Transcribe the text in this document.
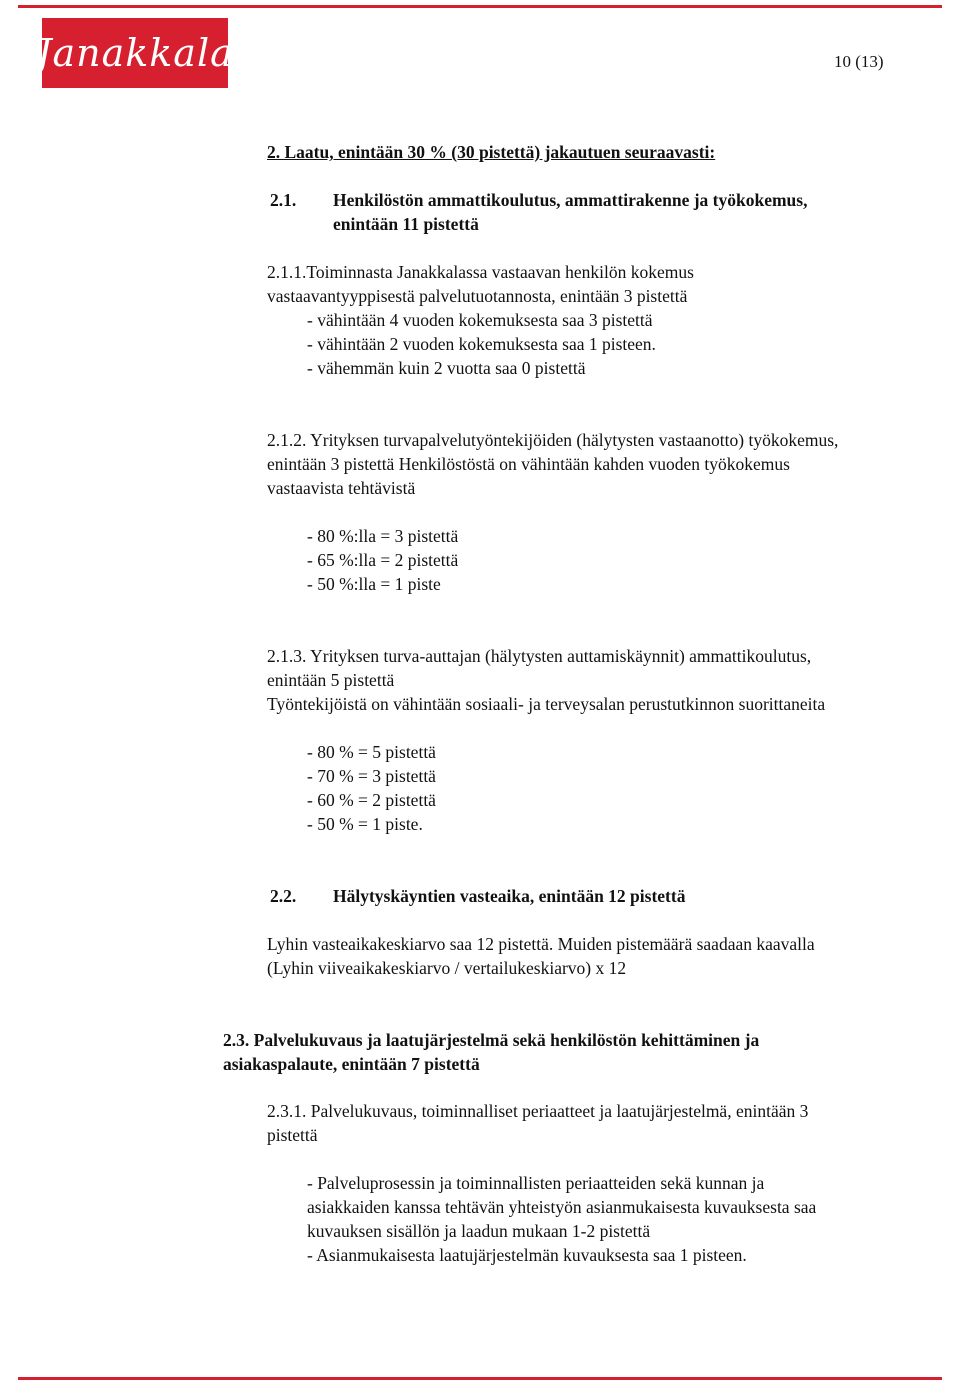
Janakkala	10 (13)
2. Laatu, enintään 30 % (30 pistettä) jakautuen seuraavasti:
2.1. Henkilöstön ammattikoulutus, ammattirakenne ja työkokemus,
enintään 11 pistettä
2.1.1.Toiminnasta Janakkalassa vastaavan henkilön kokemus
vastaavantyyppisestä palvelutuotannosta, enintään 3 pistettä
- vähintään 4 vuoden kokemuksesta saa 3 pistettä
- vähintään 2 vuoden kokemuksesta saa 1 pisteen.
- vähemmän kuin 2 vuotta saa 0 pistettä
2.1.2. Yrityksen turvapalvelutyöntekijöiden (hälytysten vastaanotto) työkokemus,
enintään 3 pistettä Henkilöstöstä on vähintään kahden vuoden työkokemus
vastaavista tehtävistä
- 80 %:lla = 3 pistettä
- 65 %:lla = 2 pistettä
- 50 %:lla = 1 piste
2.1.3. Yrityksen turva-auttajan (hälytysten auttamiskäynnit) ammattikoulutus,
enintään 5 pistettä
Työntekijöistä on vähintään sosiaali- ja terveysalan perustutkinnon suorittaneita
- 80 % = 5 pistettä
- 70 % = 3 pistettä
- 60 % = 2 pistettä
- 50 % = 1 piste.
2.2. Hälytyskäyntien vasteaika, enintään 12 pistettä
Lyhin vasteaikakeskiarvo saa 12 pistettä. Muiden pistemäärä saadaan kaavalla
(Lyhin viiveaikakeskiarvo / vertailukeskiarvo) x 12
2.3. Palvelukuvaus ja laatujärjestelmä sekä henkilöstön kehittäminen ja
asiakaspalaute, enintään 7 pistettä
2.3.1. Palvelukuvaus, toiminnalliset periaatteet ja laatujärjestelmä, enintään 3
pistettä
- Palveluprosessin ja toiminnallisten periaatteiden sekä kunnan ja
asiakkaiden kanssa tehtävän yhteistyön asianmukaisesta kuvauksesta saa
kuvauksen sisällön ja laadun mukaan 1-2 pistettä
- Asianmukaisesta laatujärjestelmän kuvauksesta saa 1 pisteen.
